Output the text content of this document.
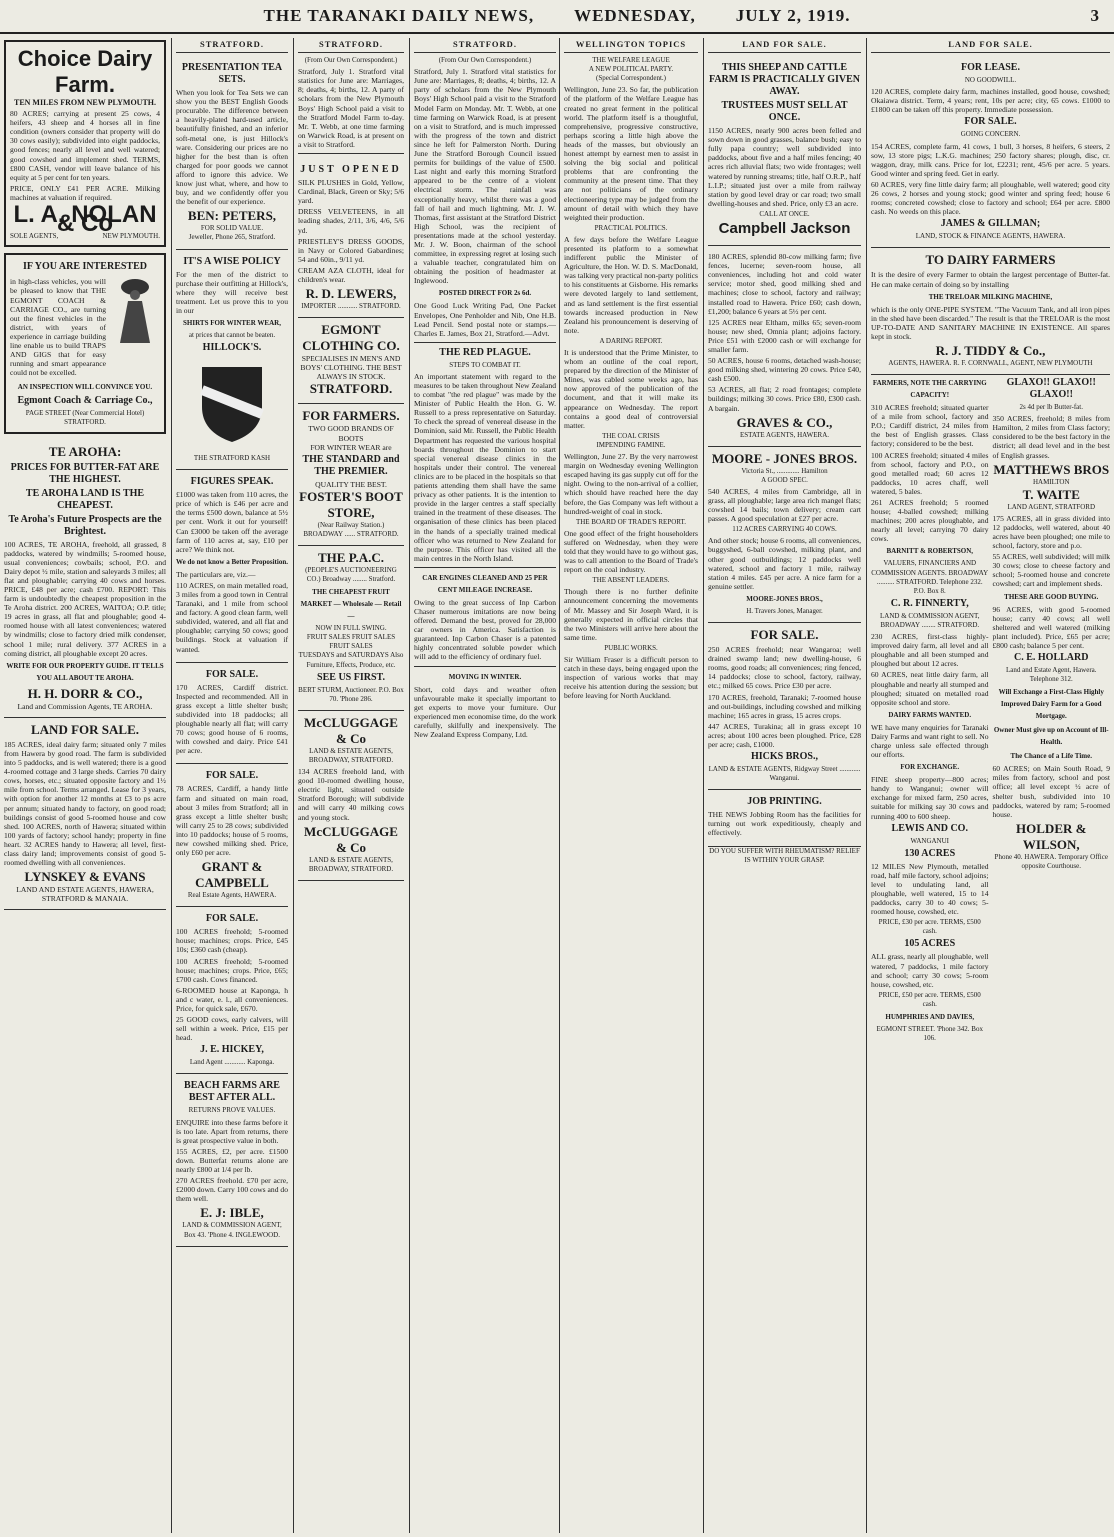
THE TARANAKI DAILY NEWS, WEDNESDAY, JULY 2, 1919.	3
Choice Dairy Farm.
TEN MILES FROM NEW PLYMOUTH.
80 ACRES; carrying at present 25 cows, 4 heifers, 43 sheep and 4 horses all in fine condition (owners consider that property will do 30 cows easily); subdivided into eight paddocks, good fences; nearly all level and well watered; good cowshed and implement shed. TERMS, £800 CASH, vendor will leave balance of his equity at 5 per cent for ten years.
PRICE, ONLY £41 PER ACRE. Milking machines at valuation if required.
L. A. NOLAN & Co
SOLE AGENTS,	NEW PLYMOUTH.
IF YOU ARE INTERESTED
in high-class vehicles, you will be pleased to know that THE EGMONT COACH & CARRIAGE CO., are turning out the finest vehicles in the district, with years of experience in carriage building line enable us to build TRAPS AND GIGS that for easy running and smart appearance could not be excelled.
AN INSPECTION WILL CONVINCE YOU.
Egmont Coach & Carriage Co.,
PAGE STREET (Near Commercial Hotel) STRATFORD.
TE AROHA:
PRICES FOR BUTTER-FAT ARE THE HIGHEST.
TE AROHA LAND IS THE CHEAPEST.
Te Aroha's Future Prospects are the Brightest.
100 ACRES, TE AROHA, freehold, all grassed, 8 paddocks, watered by windmills; 5-roomed house, usual conveniences; cowbails; school, P.O. and Dairy depot ½ mile, station and saleyards 3 miles; all flat and ploughable; carrying 40 cows and horses. PRICE, £48 per acre; cash £700. REPORT: This farm is undoubtedly the cheapest proposition in the Te Aroha district. 200 ACRES, WAITOA; O.P. title; 19 acres in grass, all flat and ploughable; good 4-roomed house with all latest conveniences; watered by windmills; close to factory dried milk condenser, school 1 mile; rural delivery. 377 ACRES in a coming district, all ploughable except 20 acres.
WRITE FOR OUR PROPERTY GUIDE. IT TELLS YOU ALL ABOUT TE AROHA.
H. H. DORR & CO.,
Land and Commission Agents, TE AROHA.
LAND FOR SALE.
185 ACRES, ideal dairy farm; situated only 7 miles from Hawera by good road. The farm is subdivided into 5 paddocks, and is well watered; there is a good 4-roomed cottage and 3 large sheds. Carries 70 dairy cows, horses, etc.; situated opposite factory and 1½ mile from school. Terms arranged. Lease for 3 years, with option for another 12 months at £3 to ps acre per annum; situated handy to factory, on good road; buildings consist of good 5-roomed house and cow shed. 100 ACRES, north of Hawera; situated within 100 yards of factory; school handy; property in fine heart. 32 ACRES handy to Hawera; all level, first-class dairy land; improvements consist of good 5-roomed dwelling with all conveniences.
LYNSKEY & EVANS
LAND AND ESTATE AGENTS, HAWERA, STRATFORD & MANAIA.
STRATFORD.
PRESENTATION TEA SETS.
When you look for Tea Sets we can show you the BEST English Goods procurable. The difference between a heavily-plated hard-used article, beautifully finished, and an inferior soft-metal one, is just Hillock's ware. Considering our prices are no higher for the best than is often charged for poor goods we cannot afford to ignore this advice. We know just what, where, and how to buy, and we confidently offer you the benefit of our experience.
BEN: PETERS,
FOR SOLID VALUE.
Jeweller, Phone 265, Stratford.
IT'S A WISE POLICY
For the men of the district to purchase their outfitting at Hillock's, where they will receive best treatment. Let us prove this to you in our
SHIRTS FOR WINTER WEAR,
at prices that cannot be beaten.
HILLOCK'S.
THE STRATFORD KASH
FIGURES SPEAK.
£1000 was taken from 110 acres, the price of which is £46 per acre and the terms £500 down, balance at 5½ per cent. Work it out for yourself! Can £3000 be taken off the average farm of 110 acres at, say, £10 per acre? We think not.
We do not know a Better Proposition.
The particulars are, viz.—
110 ACRES, on main metalled road, 3 miles from a good town in Central Taranaki, and 1 mile from school and factory. A good clean farm, well subdivided, watered, and all flat and ploughable; carrying 50 cows; good buildings. Stock at valuation if wanted.
FOR SALE.
170 ACRES, Cardiff district. Inspected and recommended. All in grass except a little shelter bush; subdivided into 18 paddocks; all ploughable nearly all flat; will carry 70 cows; good house of 6 rooms, with cowshed and dairy. Price £41 per acre.
FOR SALE.
78 ACRES, Cardiff, a handy little farm and situated on main road, about 3 miles from Stratford; all in grass except a little shelter bush; will carry 25 to 28 cows; subdivided into 10 paddocks; house of 5 rooms, new cowshed milking shed. Price, only £60 per acre.
GRANT & CAMPBELL
Real Estate Agents, HAWERA.
FOR SALE.
100 ACRES freehold; 5-roomed house; machines; crops. Price, £45 10s; £360 cash (cheap).
100 ACRES freehold; 5-roomed house; machines; crops. Price, £65; £700 cash. Cows financed.
6-ROOMED house at Kaponga, h and c water, e. l., all conveniences. Price, for quick sale, £670.
25 GOOD cows, early calvers, will sell within a week. Price, £15 per head.
J. E. HICKEY,
Land Agent ............ Kaponga.
BEACH FARMS ARE BEST AFTER ALL.
RETURNS PROVE VALUES.
ENQUIRE into these farms before it is too late. Apart from returns, there is great prospective value in both.
155 ACRES, £2, per acre. £1500 down. Butterfat returns alone are nearly £800 at 1/4 per lb.
270 ACRES freehold. £70 per acre, £2000 down. Carry 100 cows and do them well.
E. J: IBLE,
LAND & COMMISSION AGENT, Box 43. 'Phone 4. INGLEWOOD.
STRATFORD.
(From Our Own Correspondent.)
Stratford, July 1. Stratford vital statistics for June are: Marriages, 8; deaths, 4; births, 12. A party of scholars from the New Plymouth Boys' High School paid a visit to the Stratford Model Farm to-day. Mr. T. Webb, at one time farming on Warwick Road, is at present on a visit to Stratford.
JUST OPENED
SILK PLUSHES in Gold, Yellow, Cardinal, Black, Green or Sky; 5/6 yard.
DRESS VELVETEENS, in all leading shades, 2/11, 3/6, 4/6, 5/6 yd.
PRIESTLEY'S DRESS GOODS, in Navy or Colored Gabardines; 54 and 60in., 9/11 yd.
CREAM AZA CLOTH, ideal for children's wear.
R. D. LEWERS,
IMPORTER ........... STRATFORD.
EGMONT CLOTHING CO.
SPECIALISES IN MEN'S AND BOYS' CLOTHING. THE BEST ALWAYS IN STOCK.
STRATFORD.
FOR FARMERS.
TWO GOOD BRANDS OF BOOTS
FOR WINTER WEAR are
THE STANDARD and THE PREMIER.
QUALITY THE BEST.
FOSTER'S BOOT STORE,
(Near Railway Station.) BROADWAY ...... STRATFORD.
THE P.A.C.
(PEOPLE'S AUCTIONEERING CO.) Broadway ........ Stratford.
THE CHEAPEST FRUIT MARKET — Wholesale — Retail —
NOW IN FULL SWING.
FRUIT SALES FRUIT SALES FRUIT SALES
TUESDAYS and SATURDAYS Also Furniture, Effects, Produce, etc.
SEE US FIRST.
BERT STURM, Auctioneer. P.O. Box 70. 'Phone 286.
McCLUGGAGE & Co
LAND & ESTATE AGENTS, BROADWAY, STRATFORD.
134 ACRES freehold land, with good 10-roomed dwelling house, electric light, situated outside Stratford Borough; will subdivide and will carry 40 milking cows and young stock.
McCLUGGAGE & Co
LAND & ESTATE AGENTS, BROADWAY, STRATFORD.
STRATFORD.
(From Our Own Correspondent.)
Stratford, July 1. Stratford vital statistics for June are: Marriages, 8; deaths, 4; births, 12. A party of scholars from the New Plymouth Boys' High School paid a visit to the Stratford Model Farm on Monday. Mr. T. Webb, at one time farming on Warwick Road, is at present on a visit to Stratford, and is much impressed with the progress of the town and district since he left for Palmerston North. During June the Stratford Borough Council issued permits for buildings of the value of £500. Last night and early this morning Stratford appeared to be the centre of a violent electrical storm. The rainfall was exceptionally heavy, whilst there was a good fall of hail and much lightning. Mr. J. W. Thomas, first assistant at the Stratford District High School, was the recipient of presentations made at the school yesterday. Mr. J. W. Boon, chairman of the school committee, in expressing regret at losing such a valuable teacher, congratulated him on obtaining the position of headmaster at Inglewood.
POSTED DIRECT FOR 2s 6d.
One Good Luck Writing Pad, One Packet Envelopes, One Penholder and Nib, One H.B. Lead Pencil. Send postal note or stamps.—Charles E. James, Box 21, Stratford.—Advt.
THE RED PLAGUE.
STEPS TO COMBAT IT.
An important statement with regard to the measures to be taken throughout New Zealand to combat "the red plague" was made by the Minister of Public Health the Hon. G. W. Russell to a press representative on Saturday. To check the spread of venereal disease in the Dominion, said Mr. Russell, the Public Health Department has requested the various hospital boards throughout the Dominion to start special venereal disease clinics in the hospitals under their control. The venereal clinics are to be placed in the hospitals so that patients attending them shall have the same privacy as other patients. It is the intention to provide in the larger centres a staff specially trained in the treatment of these diseases. The organisation of these clinics has been placed in the hands of a specially trained medical officer who was returned to New Zealand for the purpose. This officer has visited all the main centres in the North Island.
CAR ENGINES CLEANED AND 25 PER CENT MILEAGE INCREASE.
Owing to the great success of Inp Carbon Chaser numerous imitations are now being offered. Demand the best, proved for 28,000 car owners in America. Satisfaction is guaranteed. Inp Carbon Chaser is a patented highly concentrated soluble powder which will add to the efficiency of ordinary fuel.
MOVING IN WINTER.
Short, cold days and weather often unfavourable make it specially important to get experts to move your furniture. Our experienced men economise time, do the work carefully, skilfully and inexpensively. The New Zealand Express Company, Ltd.
WELLINGTON TOPICS
THE WELFARE LEAGUE
A NEW POLITICAL PARTY.
(Special Correspondent.)
Wellington, June 23. So far, the publication of the platform of the Welfare League has created no great ferment in the political world. The platform itself is a thoughtful, comprehensive, progressive constructive, perhaps scoring a little high above the heads of the masses, but obviously an honest attempt by earnest men to assist in solving the big social and political problems that are confronting the community at the present time. That they are not politicians of the ordinary electioneering type may be judged from the amount of detail with which they have weighted their production.
PRACTICAL POLITICS.
A few days before the Welfare League presented its platform to a somewhat indifferent public the Minister of Agriculture, the Hon. W. D. S. MacDonald, was talking very practical non-party politics to his constituents at Gisborne. His remarks were devoted largely to land settlement, and as land settlement is the first essential towards increased production in New Zealand his pronouncement is deserving of note.
A DARING REPORT.
It is understood that the Prime Minister, to whom an outline of the coal report, prepared by the direction of the Minister of Mines, was cabled some weeks ago, has now approved of the publication of the document, and that it will make its appearance on Wednesday. The report contains a good deal of controversial matter.
THE COAL CRISIS
IMPENDING FAMINE.
Wellington, June 27. By the very narrowest margin on Wednesday evening Wellington escaped having its gas supply cut off for the night. Owing to the non-arrival of a collier, which should have reached here the day before, the Gas Company was left without a hundred-weight of coal in stock.
THE BOARD OF TRADE'S REPORT.
One good effect of the fright householders suffered on Wednesday, when they were told that they would have to go without gas, was to call attention to the Board of Trade's report on the coal industry.
THE ABSENT LEADERS.
Though there is no further definite announcement concerning the movements of Mr. Massey and Sir Joseph Ward, it is generally expected in official circles that the two Ministers will arrive here about the same time.
PUBLIC WORKS.
Sir William Fraser is a difficult person to catch in these days, being engaged upon the inspection of various works that may receive his attention during the session; but before leaving for North Auckland.
LAND FOR SALE.
THIS SHEEP AND CATTLE FARM IS PRACTICALLY GIVEN AWAY.
TRUSTEES MUST SELL AT ONCE.
1150 ACRES, nearly 900 acres been felled and sown down in good grasses, balance bush; easy to fully papa country; well subdivided into paddocks, about five and a half miles fencing; 40 acres rich alluvial flats; two wide frontages; well watered by running streams; title, half O.R.P., half L.I.P.; situated just over a mile from railway station by good level dray or car road; two small dwelling-houses and shed. Price, only £3 an acre.
CALL AT ONCE.
Campbell Jackson
180 ACRES, splendid 80-cow milking farm; five fences, lucerne; seven-room house, all conveniences, including hot and cold water service; motor shed, good milking shed and machines; close to school, factory and railway; installed road to Hawera. Price £60; cash down, £1,200; balance 6 years at 5½ per cent.
125 ACRES near Eltham, milks 65; seven-room house; new shed, Omnia plant; adjoins factory. Price £51 with £2000 cash or will exchange for smaller farm.
50 ACRES, house 6 rooms, detached wash-house; good milking shed, wintering 20 cows. Price £40, cash £500.
53 ACRES, all flat; 2 road frontages; complete buildings; milking 30 cows. Price £80, £300 cash. A bargain.
GRAVES & CO.,
ESTATE AGENTS, HAWERA.
MOORE - JONES BROS.
Victoria St., ............. Hamilton
A GOOD SPEC.
540 ACRES, 4 miles from Cambridge, all in grass, all ploughable; large area rich mangel flats; cowshed 14 bails; town delivery; cream cart passes. A good speculation at £27 per acre.
112 ACRES CARRYING 40 COWS.
And other stock; house 6 rooms, all conveniences, buggyshed, 6-ball cowshed, milking plant, and other good outbuildings; 12 paddocks well watered, school and factory 1 mile, railway station 4 miles. £45 per acre. A nice farm for a genuine settler.
MOORE-JONES BROS.,
H. Travers Jones, Manager.
FOR SALE.
250 ACRES freehold; near Wangaroa; well drained swamp land; new dwelling-house, 6 rooms, good roads; all conveniences; ring fenced, 14 paddocks; close to school, factory, railway, etc.; milked 65 cows. Price £30 per acre.
170 ACRES, freehold, Taranaki; 7-roomed house and out-buildings, including cowshed and milking machine; 165 acres in grass, 15 acres crops.
447 ACRES, Turakina; all in grass except 10 acres; about 100 acres been ploughed. Price, £28 per acre; cash, £1000.
HICKS BROS.,
LAND & ESTATE AGENTS, Ridgway Street ............ Wanganui.
JOB PRINTING.
THE NEWS Jobbing Room has the facilities for turning out work expeditiously, cheaply and effectively.
DO YOU SUFFER WITH RHEUMATISM? RELIEF IS WITHIN YOUR GRASP.
LAND FOR SALE.
FOR LEASE.
NO GOODWILL.
120 ACRES, complete dairy farm, machines installed, good house, cowshed; Okaiawa district. Term, 4 years; rent, 10s per acre; city, 65 cows. £1000 to £1800 can be taken off this property. Immediate possession.
FOR SALE.
GOING CONCERN.
154 ACRES, complete farm, 41 cows, 1 bull, 3 horses, 8 heifers, 6 steers, 2 sow, 13 store pigs; L.K.G. machines; 250 factory shares; plough, disc, cr. waggon, dray, milk cans. Price for lot, £2231; rent, 45/6 per acre. 5 years. Good winter and spring feed. Get in early.
60 ACRES, very fine little dairy farm; all ploughable, well watered; good city 26 cows, 2 horses and young stock; good winter and spring feed; house 6 rooms; concreted cowshed; close to factory and school; £64 per acre. £800 cash. No weeds on this place.
JAMES & GILLMAN;
LAND, STOCK & FINANCE AGENTS, HAWERA.
TO DAIRY FARMERS
It is the desire of every Farmer to obtain the largest percentage of Butter-fat. He can make certain of doing so by installing
THE TRELOAR MILKING MACHINE,
which is the only ONE-PIPE SYSTEM. "The Vacuum Tank, and all iron pipes in the shed have been discarded." The result is that the TRELOAR is the most UP-TO-DATE AND SANITARY MACHINE IN EXISTENCE. All spares kept in stock.
R. J. TIDDY & Co.,
AGENTS, HAWERA. R. F. CORNWALL, AGENT, NEW PLYMOUTH
FARMERS, NOTE THE CARRYING CAPACITY!
310 ACRES freehold; situated quarter of a mile from school, factory and P.O.; Cardiff district, 24 miles from the best of English grasses. Class factory; considered to be the best.
100 ACRES freehold; situated 4 miles from school, factory and P.O., on good metalled road; 60 acres 12 paddocks, 10 acres chaff, well watered, 5 bales.
261 ACRES freehold; 5 roomed house; 4-balled cowshed; milking machines; 200 acres ploughable, and nearly all level; carrying 70 dairy cows.
BARNITT & ROBERTSON,
VALUERS, FINANCIERS AND COMMISSION AGENTS. BROADWAY .......... STRATFORD. Telephone 232. P.O. Box 8.
C. R. FINNERTY,
LAND & COMMISSION AGENT, BROADWAY ........ STRATFORD.
230 ACRES, first-class highly-improved dairy farm, all level and all ploughable and all been stumped and ploughed but about 12 acres.
60 ACRES, neat little dairy farm, all ploughable and nearly all stumped and ploughed; situated on metalled road opposite school and store.
DAIRY FARMS WANTED.
WE have many enquiries for Taranaki Dairy Farms and want right to sell. No charge unless sale effected through our efforts.
FOR EXCHANGE.
FINE sheep property—800 acres; handy to Wanganui; owner will exchange for mixed farm, 250 acres, suitable for milking say 30 cows and running 400 to 600 sheep.
LEWIS AND CO.
WANGANUI
130 ACRES
12 MILES New Plymouth, metalled road, half mile factory, school adjoins; level to undulating land, all ploughable, well watered, 15 to 14 paddocks, carry 30 to 40 cows; 5-roomed house, cowshed, etc.
PRICE, £30 per acre. TERMS, £500 cash.
105 ACRES
ALL grass, nearly all ploughable, well watered, 7 paddocks, 1 mile factory and school; carry 30 cows; 5-room house, cowshed, etc.
PRICE, £50 per acre. TERMS, £500 cash.
HUMPHRIES AND DAVIES,
EGMONT STREET. 'Phone 342. Box 106.
GLAXO!! GLAXO!! GLAXO!!
2s 4d per lb Butter-fat.
350 ACRES, freehold; 8 miles from Hamilton, 2 miles from Class factory; considered to be the best factory in the district; all dead level and in the best of English grasses.
MATTHEWS BROS
HAMILTON
T. WAITE
LAND AGENT, STRATFORD
175 ACRES, all in grass divided into 12 paddocks, well watered, about 40 acres have been ploughed; one mile to school, factory, store and p.o.
55 ACRES, well subdivided; will milk 30 cows; close to cheese factory and school; 5-roomed house and concrete cowshed; cart and implement sheds.
THESE ARE GOOD BUYING.
96 ACRES, with good 5-roomed house; carry 40 cows; all well sheltered and well watered (milking plant included). Price, £65 per acre; £800 cash; balance 5 per cent.
C. E. HOLLARD
Land and Estate Agent, Hawera. Telephone 312.
Will Exchange a First-Class Highly Improved Dairy Farm for a Good Mortgage.
Owner Must give up on Account of Ill-Health.
The Chance of a Life Time.
60 ACRES; on Main South Road, 9 miles from factory, school and post office; all level except ½ acre of shelter bush, subdivided into 10 paddocks, watered by ram; 5-roomed house.
HOLDER & WILSON,
Phone 40. HAWERA. Temporary Office opposite Courthouse.
